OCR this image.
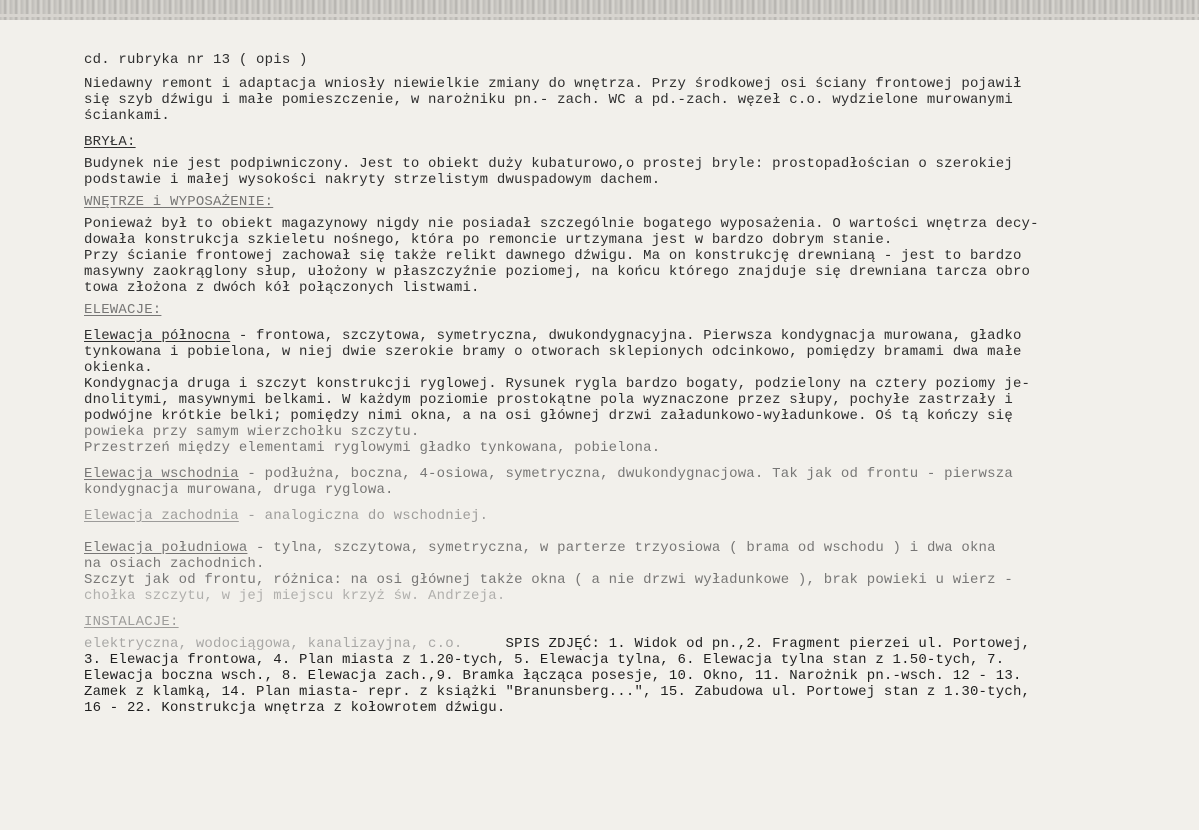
cd. rubryka nr 13 ( opis )
Niedawny remont i adaptacja wniosły niewielkie zmiany do wnętrza. Przy środkowej osi ściany frontowej pojawił
się szyb dźwigu i małe pomieszczenie, w narożniku pn.- zach. WC a pd.-zach. węzeł c.o. wydzielone murowanymi
ściankami.
BRYŁA:
Budynek nie jest podpiwniczony. Jest to obiekt duży kubaturowo,o prostej bryle: prostopadłościan o szerokiej
podstawie i małej wysokości nakryty strzelistym dwuspadowym dachem.
WNĘTRZE i WYPOSAŻENIE:
Ponieważ był to obiekt magazynowy nigdy nie posiadał szczególnie bogatego wyposażenia. O wartości wnętrza decy-
dowała konstrukcja szkieletu nośnego, która po remoncie urtzymana jest w bardzo dobrym stanie.
Przy ścianie frontowej zachował się także relikt dawnego dźwigu. Ma on konstrukcję drewnianą - jest to bardzo
masywny zaokrąglony słup, ułożony w płaszczyźnie poziomej, na końcu którego znajduje się drewniana tarcza obro
towa złożona z dwóch kół połączonych listwami.
ELEWACJE:
Elewacja północna - frontowa, szczytowa, symetryczna, dwukondygnacyjna. Pierwsza kondygnacja murowana, gładko
tynkowana i pobielona, w niej dwie szerokie bramy o otworach sklepionych odcinkowo, pomiędzy bramami dwa małe
okienka.
Kondygnacja druga i szczyt konstrukcji ryglowej. Rysunek rygla bardzo bogaty, podzielony na cztery poziomy je-
dnolitymi, masywnymi belkami. W każdym poziomie prostokątne pola wyznaczone przez słupy, pochyłe zastrzały i
podwójne krótkie belki; pomiędzy nimi okna, a na osi głównej drzwi załadunkowo-wyładunkowe. Oś tą kończy się
powieka przy samym wierzchołku szczytu.
Przestrzeń między elementami ryglowymi gładko tynkowana, pobielona.
Elewacja wschodnia - podłużna, boczna, 4-osiowa, symetryczna, dwukondygnacjowa. Tak jak od frontu - pierwsza
kondygnacja murowana, druga ryglowa.
Elewacja zachodnia - analogiczna do wschodniej.
Elewacja południowa - tylna, szczytowa, symetryczna, w parterze trzyosiowa ( brama od wschodu ) i dwa okna
na osiach zachodnich.
Szczyt jak od frontu, różnica: na osi głównej także okna ( a nie drzwi wyładunkowe ), brak powieki u wierz -
chołka szczytu, w jej miejscu krzyż św. Andrzeja.
INSTALACJE:
elektryczna, wodociągowa, kanalizayjna, c.o.	SPIS ZDJĘĆ: 1. Widok od pn.,2. Fragment pierzei ul. Portowej,
3. Elewacja frontowa, 4. Plan miasta z 1.20-tych, 5. Elewacja tylna, 6. Elewacja tylna stan z 1.50-tych, 7.
Elewacja boczna wsch., 8. Elewacja zach.,9. Bramka łącząca posesje, 10. Okno, 11. Narożnik pn.-wsch. 12 - 13.
Zamek z klamką, 14. Plan miasta- repr. z książki "Branunsberg...", 15. Zabudowa ul. Portowej stan z 1.30-tych,
16 - 22. Konstrukcja wnętrza z kołowrotem dźwigu.
